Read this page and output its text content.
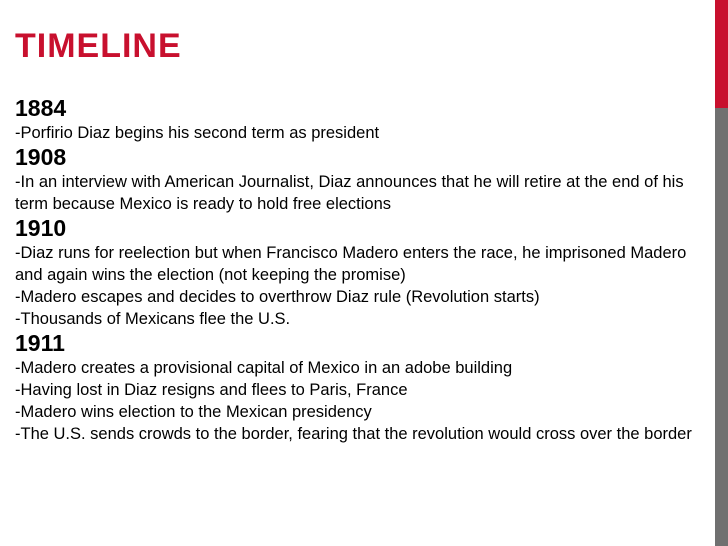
TIMELINE

1884

-Porfirio Diaz begins his second term as president

1908

-In an interview with American Journalist, Diaz announces that he will retire at the end of his term because Mexico is ready to hold free elections

1910

-Diaz runs for reelection but when Francisco Madero enters the race, he imprisoned Madero and again wins the election (not keeping the promise)

-Madero escapes and decides to overthrow Diaz rule (Revolution starts)

-Thousands of Mexicans flee the U.S.

1911

-Madero creates a provisional capital of Mexico in an adobe building

-Having lost in Diaz resigns and flees to Paris, France

-Madero wins election to the Mexican presidency

-The U.S. sends crowds to the border, fearing that the revolution would cross over the border
